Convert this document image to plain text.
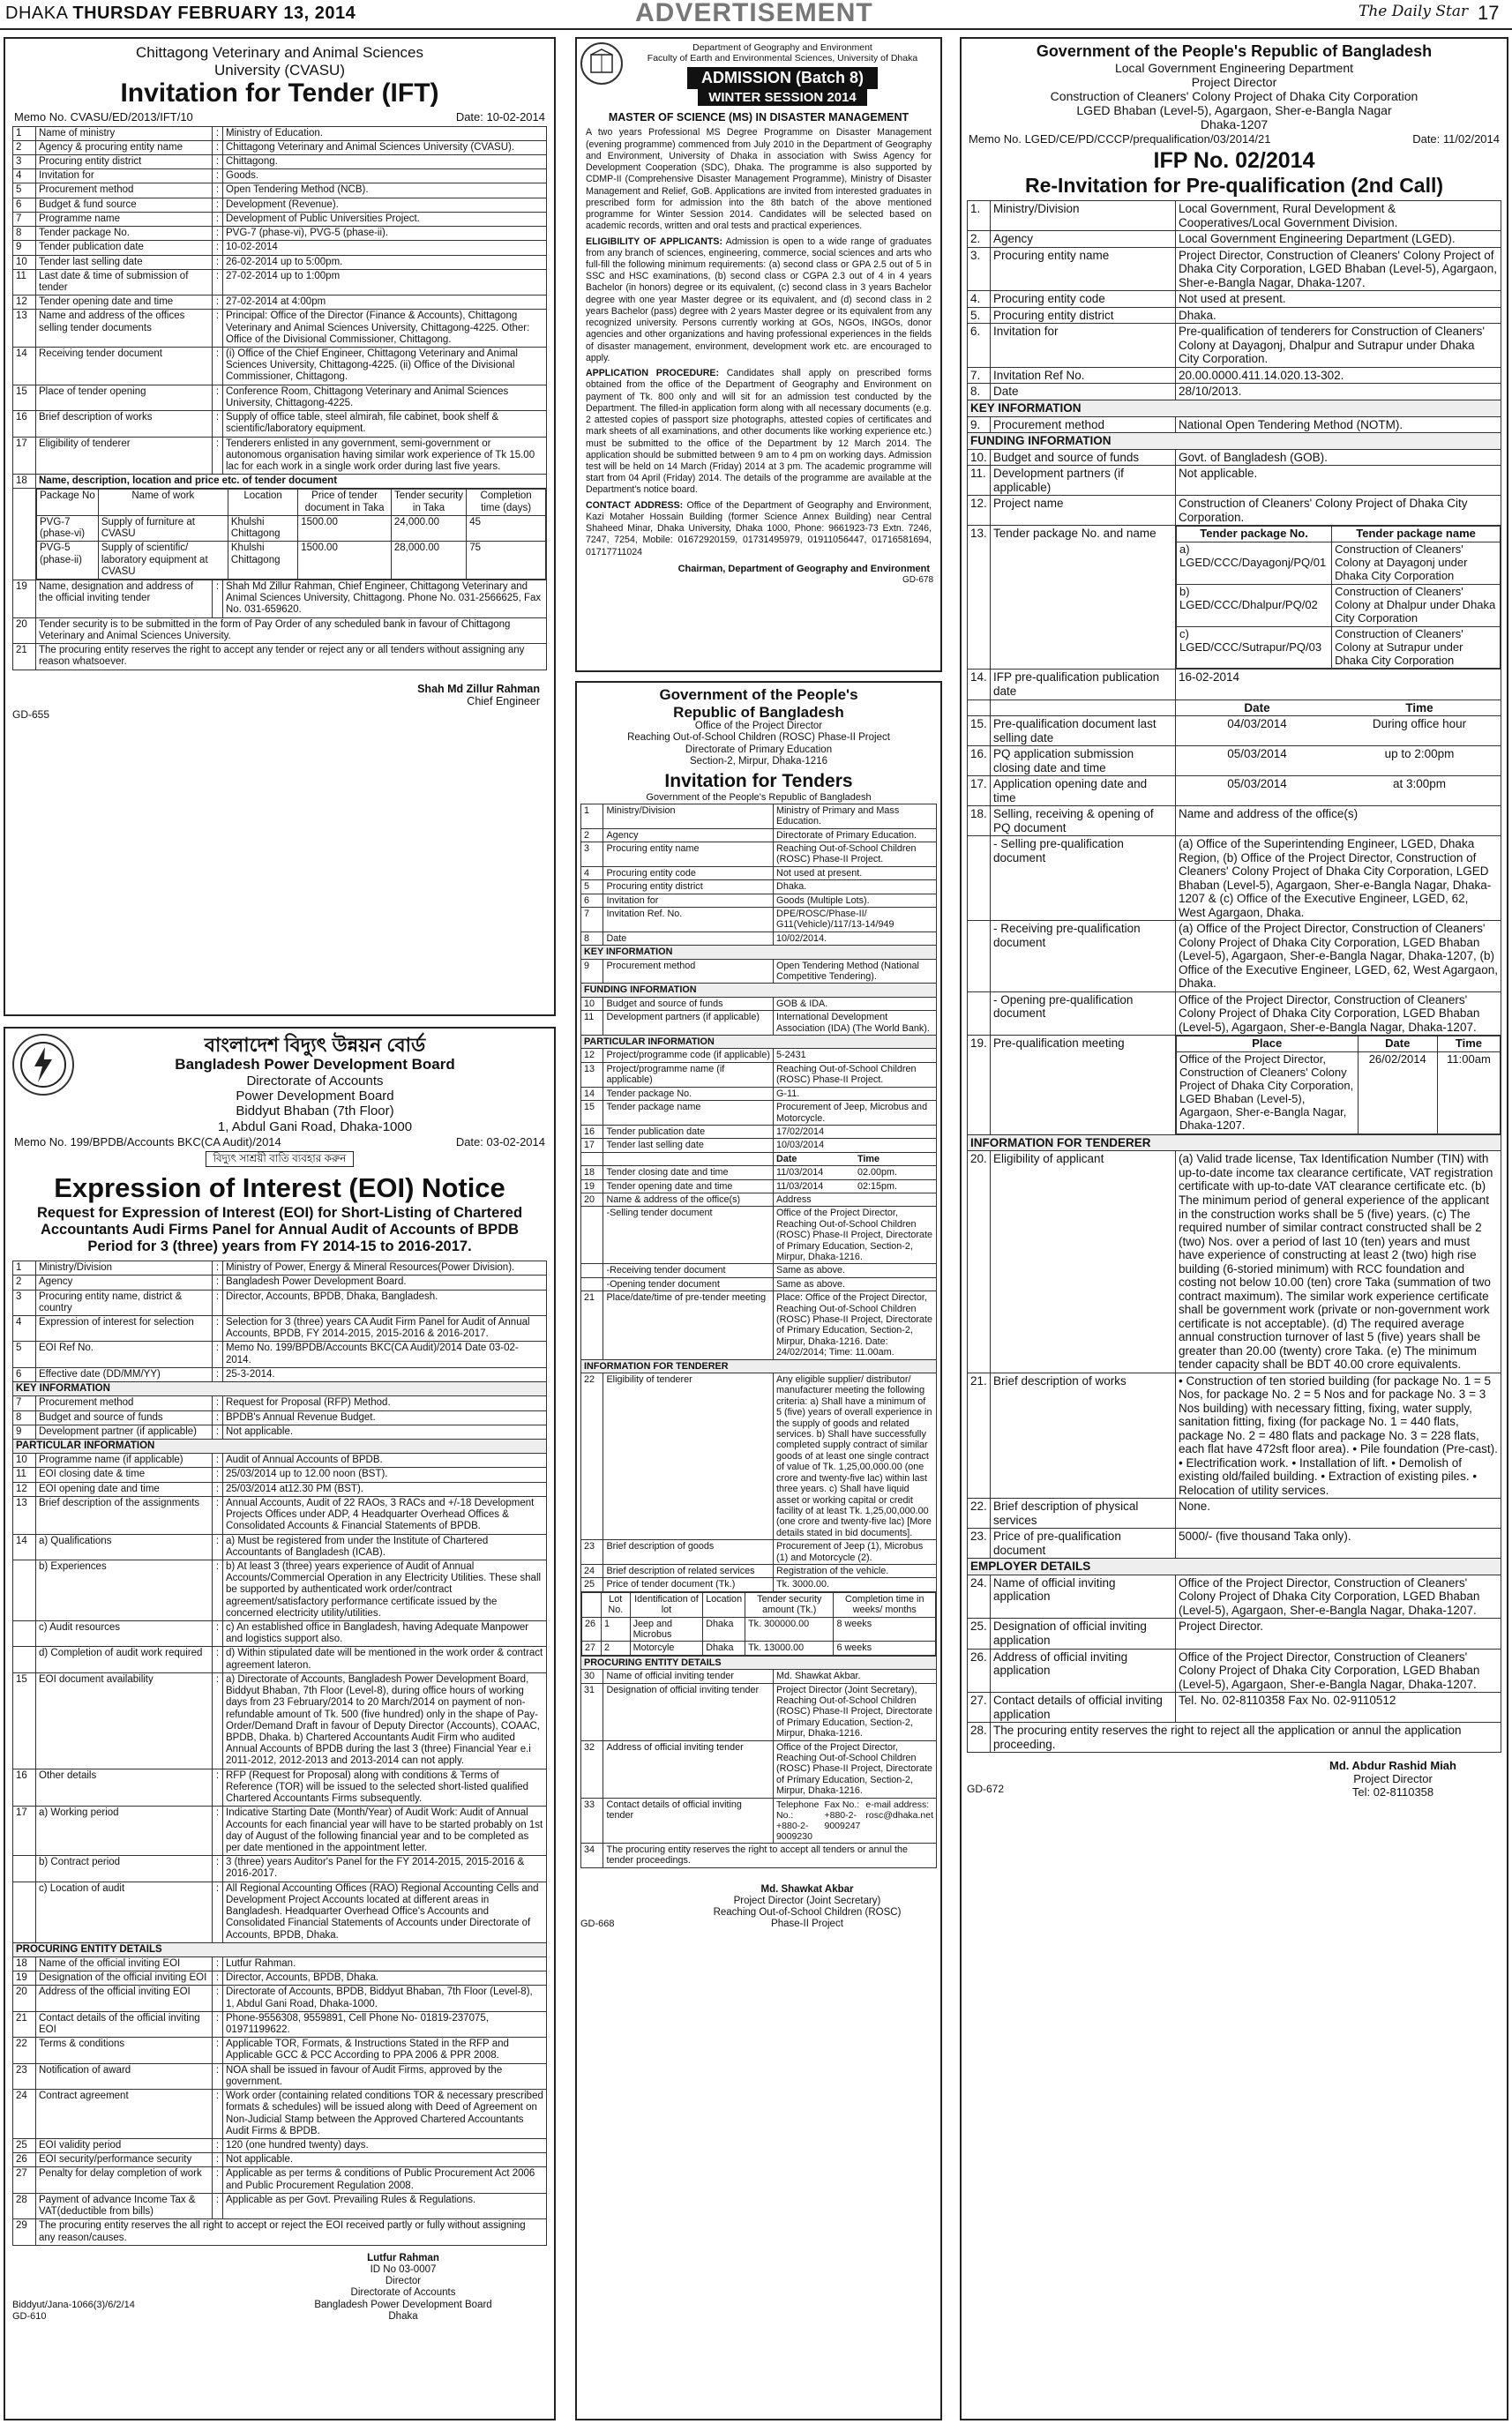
DHAKA THURSDAY FEBRUARY 13, 2014	ADVERTISEMENT	The Daily Star 17
Chittagong Veterinary and Animal Sciences
University (CVASU)
Invitation for Tender (IFT)
Memo No. CVASU/ED/2013/IFT/10	Date: 10-02-2014
1	Name of ministry	:	Ministry of Education.
2	Agency & procuring entity name	:	Chittagong Veterinary and Animal Sciences University (CVASU).
3	Procuring entity district	:	Chittagong.
4	Invitation for	:	Goods.
5	Procurement method	:	Open Tendering Method (NCB).
6	Budget & fund source	:	Development (Revenue).
7	Programme name	:	Development of Public Universities Project.
8	Tender package No.	:	PVG-7 (phase-vi), PVG-5 (phase-ii).
9	Tender publication date	:	10-02-2014
10	Tender last selling date	:	26-02-2014 up to 5:00pm.
11	Last date & time of submission of tender	:	27-02-2014 up to 1:00pm
12	Tender opening date and time	:	27-02-2014 at 4:00pm
13	Name and address of the offices selling tender documents	:	Principal: Office of the Director (Finance & Accounts), Chittagong Veterinary and Animal Sciences University, Chittagong-4225. Other: Office of the Divisional Commissioner, Chittagong.
14	Receiving tender document	:	(i) Office of the Chief Engineer, Chittagong Veterinary and Animal Sciences University, Chittagong-4225. (ii) Office of the Divisional Commissioner, Chittagong.
15	Place of tender opening	:	Conference Room, Chittagong Veterinary and Animal Sciences University, Chittagong-4225.
16	Brief description of works	:	Supply of office table, steel almirah, file cabinet, book shelf & scientific/laboratory equipment.
17	Eligibility of tenderer	:	Tenderers enlisted in any government, semi-government or autonomous organisation having similar work experience of Tk 15.00 lac for each work in a single work order during last five years.
18	Name, description, location and price etc. of tender document

Package No	Name of work	Location	Price of tender document in Taka	Tender security in Taka	Completion time (days)
PVG-7 (phase-vi)	Supply of furniture at CVASU	Khulshi Chittagong	1500.00	24,000.00	45
PVG-5 (phase-ii)	Supply of scientific/ laboratory equipment at CVASU	Khulshi Chittagong	1500.00	28,000.00	75

19	Name, designation and address of the official inviting tender	:	Shah Md Zillur Rahman, Chief Engineer, Chittagong Veterinary and Animal Sciences University, Chittagong. Phone No. 031-2566625, Fax No. 031-659620.
20	Tender security is to be submitted in the form of Pay Order of any scheduled bank in favour of Chittagong Veterinary and Animal Sciences University.
21	The procuring entity reserves the right to accept any tender or reject any or all tenders without assigning any reason whatsoever.
Shah Md Zillur Rahman
Chief Engineer
GD-655
বাংলাদেশ বিদ্যুৎ উন্নয়ন বোর্ড
Bangladesh Power Development Board
Directorate of Accounts
Power Development Board
Biddyut Bhaban (7th Floor)
1, Abdul Gani Road, Dhaka-1000
Memo No. 199/BPDB/Accounts BKC(CA Audit)/2014	Date: 03-02-2014
বিদ্যুৎ সাশ্রয়ী বাতি ব্যবহার করুন
Expression of Interest (EOI) Notice
Request for Expression of Interest (EOI) for Short-Listing of Chartered Accountants Audi Firms Panel for Annual Audit of Accounts of BPDB Period for 3 (three) years from FY 2014-15 to 2016-2017.
1	Ministry/Division	:	Ministry of Power, Energy & Mineral Resources(Power Division).
2	Agency	:	Bangladesh Power Development Board.
3	Procuring entity name, district & country	:	Director, Accounts, BPDB, Dhaka, Bangladesh.
4	Expression of interest for selection	:	Selection for 3 (three) years CA Audit Firm Panel for Audit of Annual Accounts, BPDB, FY 2014-2015, 2015-2016 & 2016-2017.
5	EOI Ref No.	:	Memo No. 199/BPDB/Accounts BKC(CA Audit)/2014 Date 03-02-2014.
6	Effective date (DD/MM/YY)	:	25-3-2014.
KEY INFORMATION			
7	Procurement method	:	Request for Proposal (RFP) Method.
8	Budget and source of funds	:	BPDB's Annual Revenue Budget.
9	Development partner (if applicable)	:	Not applicable.
PARTICULAR INFORMATION			
10	Programme name (if applicable)	:	Audit of Annual Accounts of BPDB.
11	EOI closing date & time	:	25/03/2014 up to 12.00 noon (BST).
12	EOI opening date and time	:	25/03/2014 at12.30 PM (BST).
13	Brief description of the assignments	:	Annual Accounts, Audit of 22 RAOs, 3 RACs and +/-18 Development Projects Offices under ADP, 4 Headquarter Overhead Offices & Consolidated Accounts & Financial Statements of BPDB.
14	a) Qualifications	:	a) Must be registered from under the Institute of Chartered Accountants of Bangladesh (ICAB).
	b) Experiences	:	b) At least 3 (three) years experience of Audit of Annual Accounts/Commercial Operation in any Electricity Utilities. These shall be supported by authenticated work order/contract agreement/satisfactory performance certificate issued by the concerned electricity utility/utilities.
	c) Audit resources	:	c) An established office in Bangladesh, having Adequate Manpower and logistics support also.
	d) Completion of audit work required	:	d) Within stipulated date will be mentioned in the work order & contract agreement lateron.
15	EOI document availability	:	a) Directorate of Accounts, Bangladesh Power Development Board, Biddyut Bhaban, 7th Floor (Level-8), during office hours of working days from 23 February/2014 to 20 March/2014 on payment of non-refundable amount of Tk. 500 (five hundred) only in the shape of Pay-Order/Demand Draft in favour of Deputy Director (Accounts), COAAC, BPDB, Dhaka. b) Chartered Accountants Audit Firm who audited Annual Accounts of BPDB during the last 3 (three) Financial Year e.i 2011-2012, 2012-2013 and 2013-2014 can not apply.
16	Other details	:	RFP (Request for Proposal) along with conditions & Terms of Reference (TOR) will be issued to the selected short-listed qualified Chartered Accountants Firms subsequently.
17	a) Working period	:	Indicative Starting Date (Month/Year) of Audit Work: Audit of Annual Accounts for each financial year will have to be started probably on 1st day of August of the following financial year and to be completed as per date mentioned in the appointment letter.
	b) Contract period	:	3 (three) years Auditor's Panel for the FY 2014-2015, 2015-2016 & 2016-2017.
	c) Location of audit	:	All Regional Accounting Offices (RAO) Regional Accounting Cells and Development Project Accounts located at different areas in Bangladesh. Headquarter Overhead Office's Accounts and Consolidated Financial Statements of Accounts under Directorate of Accounts, BPDB, Dhaka.
PROCURING ENTITY DETAILS			
18	Name of the official inviting EOI	:	Lutfur Rahman.
19	Designation of the official inviting EOI	:	Director, Accounts, BPDB, Dhaka.
20	Address of the official inviting EOI	:	Directorate of Accounts, BPDB, Biddyut Bhaban, 7th Floor (Level-8), 1, Abdul Gani Road, Dhaka-1000.
21	Contact details of the official inviting EOI	:	Phone-9556308, 9559891, Cell Phone No- 01819-237075, 01971199622.
22	Terms & conditions	:	Applicable TOR, Formats, & Instructions Stated in the RFP and Applicable GCC & PCC According to PPA 2006 & PPR 2008.
23	Notification of award	:	NOA shall be issued in favour of Audit Firms, approved by the government.
24	Contract agreement	:	Work order (containing related conditions TOR & necessary prescribed formats & schedules) will be issued along with Deed of Agreement on Non-Judicial Stamp between the Approved Chartered Accountants Audit Firms & BPDB.
25	EOI validity period	:	120 (one hundred twenty) days.
26	EOI security/performance security	:	Not applicable.
27	Penalty for delay completion of work	:	Applicable as per terms & conditions of Public Procurement Act 2006 and Public Procurement Regulation 2008.
28	Payment of advance Income Tax & VAT(deductible from bills)	:	Applicable as per Govt. Prevailing Rules & Regulations.
29	The procuring entity reserves the all right to accept or reject the EOI received partly or fully without assigning any reason/causes.		
Lutfur Rahman
ID No 03-0007
Director
Directorate of Accounts
Bangladesh Power Development Board
Dhaka
Biddyut/Jana-1066(3)/6/2/14
GD-610
Department of Geography and Environment
Faculty of Earth and Environmental Sciences, University of Dhaka
ADMISSION (Batch 8)
WINTER SESSION 2014
MASTER OF SCIENCE (MS) IN DISASTER MANAGEMENT
A two years Professional MS Degree Programme on Disaster Management (evening programme) commenced from July 2010 in the Department of Geography and Environment, University of Dhaka in association with Swiss Agency for Development Cooperation (SDC), Dhaka. The programme is also supported by CDMP-II (Comprehensive Disaster Management Programme), Ministry of Disaster Management and Relief, GoB. Applications are invited from interested graduates in prescribed form for admission into the 8th batch of the above mentioned programme for Winter Session 2014. Candidates will be selected based on academic records, written and oral tests and practical experiences.
ELIGIBILITY OF APPLICANTS: Admission is open to a wide range of graduates from any branch of sciences, engineering, commerce, social sciences and arts who full-fill the following minimum requirements: (a) second class or GPA 2.5 out of 5 in SSC and HSC examinations, (b) second class or CGPA 2.3 out of 4 in 4 years Bachelor (in honors) degree or its equivalent, (c) second class in 3 years Bachelor degree with one year Master degree or its equivalent, and (d) second class in 2 years Bachelor (pass) degree with 2 years Master degree or its equivalent from any recognized university. Persons currently working at GOs, NGOs, INGOs, donor agencies and other organizations and having professional experiences in the fields of disaster management, environment, development work etc. are encouraged to apply.
APPLICATION PROCEDURE: Candidates shall apply on prescribed forms obtained from the office of the Department of Geography and Environment on payment of Tk. 800 only and will sit for an admission test conducted by the Department. The filled-in application form along with all necessary documents (e.g. 2 attested copies of passport size photographs, attested copies of certificates and mark sheets of all examinations, and other documents like working experience etc.) must be submitted to the office of the Department by 12 March 2014. The application should be submitted between 9 am to 4 pm on working days. Admission test will be held on 14 March (Friday) 2014 at 3 pm. The academic programme will start from 04 April (Friday) 2014. The details of the programme are available at the Department's notice board.
CONTACT ADDRESS: Office of the Department of Geography and Environment, Kazi Motaher Hossain Building (former Science Annex Building) near Central Shaheed Minar, Dhaka University, Dhaka 1000, Phone: 9661923-73 Extn. 7246, 7247, 7254, Mobile: 01672920159, 01731495979, 01911056447, 01716581694, 01717711024
Chairman, Department of Geography and Environment
GD-678
Government of the People's
Republic of Bangladesh
Office of the Project Director
Reaching Out-of-School Children (ROSC) Phase-II Project
Directorate of Primary Education
Section-2, Mirpur, Dhaka-1216
Invitation for Tenders
Government of the People's Republic of Bangladesh
1	Ministry/Division	Ministry of Primary and Mass Education.
2	Agency	Directorate of Primary Education.
3	Procuring entity name	Reaching Out-of-School Children (ROSC) Phase-II Project.
4	Procuring entity code	Not used at present.
5	Procuring entity district	Dhaka.
6	Invitation for	Goods (Multiple Lots).
7	Invitation Ref. No.	DPE/ROSC/Phase-II/ G11(Vehicle)/117/13-14/949
8	Date	10/02/2014.
KEY INFORMATION
9	Procurement method	Open Tendering Method (National Competitive Tendering).
FUNDING INFORMATION
10	Budget and source of funds	GOB & IDA.
11	Development partners (if applicable)	International Development Association (IDA) (The World Bank).
PARTICULAR INFORMATION
12	Project/programme code (if applicable)	5-2431
13	Project/programme name (if applicable)	Reaching Out-of-School Children (ROSC) Phase-II Project.
14	Tender package No.	G-11.
15	Tender package name	Procurement of Jeep, Microbus and Motorcycle.
16	Tender publication date	17/02/2014
17	Tender last selling date	10/03/2014

Date	Time

18	Tender closing date and time		11/03/2014	02.00pm.

19	Tender opening date and time		11/03/2014	02:15pm.

20	Name & address of the office(s)	Address
	-Selling tender document	Office of the Project Director, Reaching Out-of-School Children (ROSC) Phase-II Project, Directorate of Primary Education, Section-2, Mirpur, Dhaka-1216.
	-Receiving tender document	Same as above.
	-Opening tender document	Same as above.
21	Place/date/time of pre-tender meeting	Place: Office of the Project Director, Reaching Out-of-School Children (ROSC) Phase-II Project, Directorate of Primary Education, Section-2, Mirpur, Dhaka-1216. Date: 24/02/2014; Time: 11.00am.
INFORMATION FOR TENDERER
22	Eligibility of tenderer	Any eligible supplier/ distributor/ manufacturer meeting the following criteria: a) Shall have a minimum of 5 (five) years of overall experience in the supply of goods and related services. b) Shall have successfully completed supply contract of similar goods of at least one single contract of value of Tk. 1,25,00,000.00 (one crore and twenty-five lac) within last three years. c) Shall have liquid asset or working capital or credit facility of at least Tk. 1,25,00,000.00 (one crore and twenty-five lac) [More details stated in bid documents].
23	Brief description of goods	Procurement of Jeep (1), Microbus (1) and Motorcycle (2).
24	Brief description of related services	Registration of the vehicle.
25	Price of tender document (Tk.)	Tk. 3000.00.

	Lot No.	Identification of lot	Location	Tender security amount (Tk.)	Completion time in weeks/ months
26	1	Jeep and Microbus	Dhaka	Tk. 300000.00	8 weeks
27	2	Motorcyle	Dhaka	Tk. 13000.00	6 weeks

PROCURING ENTITY DETAILS
30	Name of official inviting tender	Md. Shawkat Akbar.
31	Designation of official inviting tender	Project Director (Joint Secretary), Reaching Out-of-School Children (ROSC) Phase-II Project, Directorate of Primary Education, Section-2, Mirpur, Dhaka-1216.
32	Address of official inviting tender	Office of the Project Director, Reaching Out-of-School Children (ROSC) Phase-II Project, Directorate of Primary Education, Section-2, Mirpur, Dhaka-1216.
33	Contact details of official inviting tender	
Telephone No.: +880-2-9009230	Fax No.: +880-2-9009247	e-mail address: rosc@dhaka.net

34	The procuring entity reserves the right to accept all tenders or annul the tender proceedings.
Md. Shawkat Akbar
Project Director (Joint Secretary)
Reaching Out-of-School Children (ROSC)
Phase-II Project
GD-668
Government of the People's Republic of Bangladesh
Local Government Engineering Department
Project Director
Construction of Cleaners' Colony Project of Dhaka City Corporation
LGED Bhaban (Level-5), Agargaon, Sher-e-Bangla Nagar
Dhaka-1207
Memo No. LGED/CE/PD/CCCP/prequalification/03/2014/21	Date: 11/02/2014
IFP No. 02/2014
Re-Invitation for Pre-qualification (2nd Call)
1.	Ministry/Division	Local Government, Rural Development & Cooperatives/Local Government Division.
2.	Agency	Local Government Engineering Department (LGED).
3.	Procuring entity name	Project Director, Construction of Cleaners' Colony Project of Dhaka City Corporation, LGED Bhaban (Level-5), Agargaon, Sher-e-Bangla Nagar, Dhaka-1207.
4.	Procuring entity code	Not used at present.
5.	Procuring entity district	Dhaka.
6.	Invitation for	Pre-qualification of tenderers for Construction of Cleaners' Colony at Dayagonj, Dhalpur and Sutrapur under Dhaka City Corporation.
7.	Invitation Ref No.	20.00.0000.411.14.020.13-302.
8.	Date	28/10/2013.
KEY INFORMATION
9.	Procurement method	National Open Tendering Method (NOTM).
FUNDING INFORMATION
10.	Budget and source of funds	Govt. of Bangladesh (GOB).
11.	Development partners (if applicable)	Not applicable.
12.	Project name	Construction of Cleaners' Colony Project of Dhaka City Corporation.
13.	Tender package No. and name		Tender package No.	Tender package name
a) LGED/CCC/Dayagonj/PQ/01	Construction of Cleaners' Colony at Dayagonj under Dhaka City Corporation
b) LGED/CCC/Dhalpur/PQ/02	Construction of Cleaners' Colony at Dhalpur under Dhaka City Corporation
c) LGED/CCC/Sutrapur/PQ/03	Construction of Cleaners' Colony at Sutrapur under Dhaka City Corporation

14.	IFP pre-qualification publication date	16-02-2014

Date	Time

15.	Pre-qualification document last selling date	
04/03/2014	During office hour

16.	PQ application submission closing date and time	
05/03/2014	up to 2:00pm

17.	Application opening date and time	
05/03/2014	at 3:00pm

18.	Selling, receiving & opening of PQ document	Name and address of the office(s)
	- Selling pre-qualification document	(a) Office of the Superintending Engineer, LGED, Dhaka Region, (b) Office of the Project Director, Construction of Cleaners' Colony Project of Dhaka City Corporation, LGED Bhaban (Level-5), Agargaon, Sher-e-Bangla Nagar, Dhaka-1207 & (c) Office of the Executive Engineer, LGED, 62, West Agargaon, Dhaka.
	- Receiving pre-qualification document	(a) Office of the Project Director, Construction of Cleaners' Colony Project of Dhaka City Corporation, LGED Bhaban (Level-5), Agargaon, Sher-e-Bangla Nagar, Dhaka-1207, (b) Office of the Executive Engineer, LGED, 62, West Agargaon, Dhaka.
	- Opening pre-qualification document	Office of the Project Director, Construction of Cleaners' Colony Project of Dhaka City Corporation, LGED Bhaban (Level-5), Agargaon, Sher-e-Bangla Nagar, Dhaka-1207.
19.	Pre-qualification meeting		Place	Date	Time
Office of the Project Director, Construction of Cleaners' Colony Project of Dhaka City Corporation, LGED Bhaban (Level-5), Agargaon, Sher-e-Bangla Nagar, Dhaka-1207.	26/02/2014	11:00am

INFORMATION FOR TENDERER
20.	Eligibility of applicant	(a) Valid trade license, Tax Identification Number (TIN) with up-to-date income tax clearance certificate, VAT registration certificate with up-to-date VAT clearance certificate etc. (b) The minimum period of general experience of the applicant in the construction works shall be 5 (five) years. (c) The required number of similar contract constructed shall be 2 (two) Nos. over a period of last 10 (ten) years and must have experience of constructing at least 2 (two) high rise building (6-storied minimum) with RCC foundation and costing not below 10.00 (ten) crore Taka (summation of two contract maximum). The similar work experience certificate shall be government work (private or non-government work certificate is not acceptable). (d) The required average annual construction turnover of last 5 (five) years shall be greater than 20.00 (twenty) crore Taka. (e) The minimum tender capacity shall be BDT 40.00 crore equivalents.
21.	Brief description of works	• Construction of ten storied building (for package No. 1 = 5 Nos, for package No. 2 = 5 Nos and for package No. 3 = 3 Nos building) with necessary fitting, fixing, water supply, sanitation fitting, fixing (for package No. 1 = 440 flats, package No. 2 = 480 flats and package No. 3 = 228 flats, each flat have 472sft floor area). • Pile foundation (Pre-cast). • Electrification work. • Installation of lift. • Demolish of existing old/failed building. • Extraction of existing piles. • Relocation of utility services.
22.	Brief description of physical services	None.
23.	Price of pre-qualification document	5000/- (five thousand Taka only).
EMPLOYER DETAILS
24.	Name of official inviting application	Office of the Project Director, Construction of Cleaners' Colony Project of Dhaka City Corporation, LGED Bhaban (Level-5), Agargaon, Sher-e-Bangla Nagar, Dhaka-1207.
25.	Designation of official inviting application	Project Director.
26.	Address of official inviting application	Office of the Project Director, Construction of Cleaners' Colony Project of Dhaka City Corporation, LGED Bhaban (Level-5), Agargaon, Sher-e-Bangla Nagar, Dhaka-1207.
27.	Contact details of official inviting application	Tel. No. 02-8110358 Fax No. 02-9110512
28.	The procuring entity reserves the right to reject all the application or annul the application proceeding.
Md. Abdur Rashid Miah
Project Director
Tel: 02-8110358
GD-672
